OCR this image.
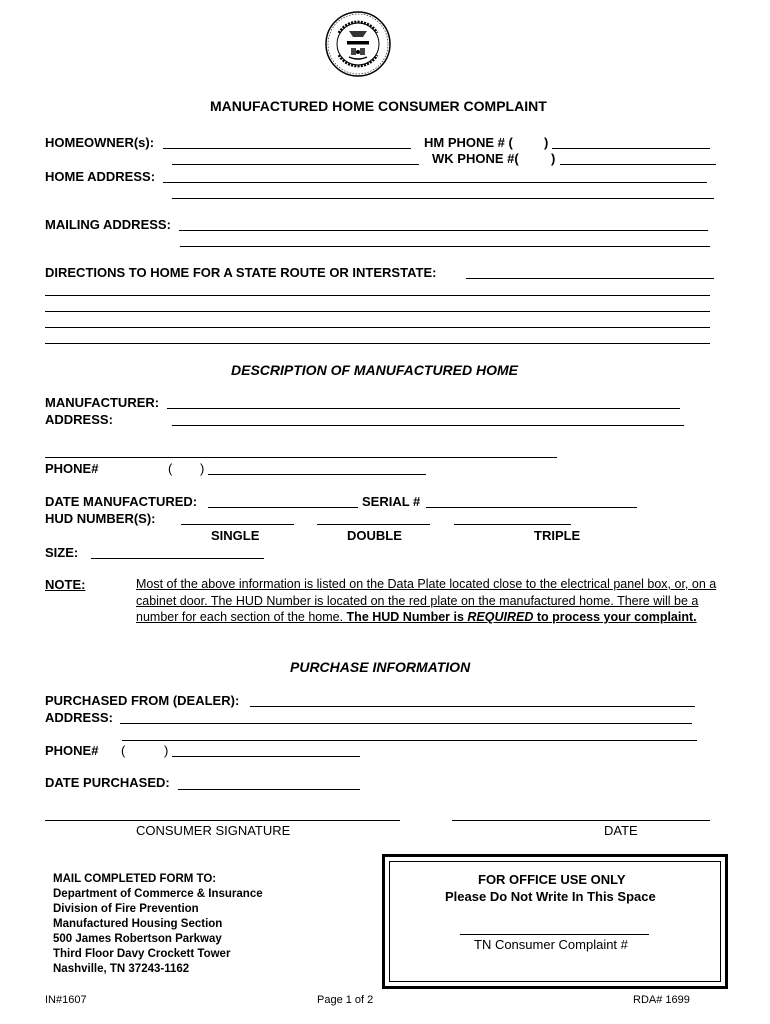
MANUFACTURED HOME CONSUMER COMPLAINT
HOMEOWNER(s):	HM PHONE # ( )
WK PHONE #( )
HOME ADDRESS:
MAILING ADDRESS:
DIRECTIONS TO HOME FOR A STATE ROUTE OR INTERSTATE:
DESCRIPTION OF MANUFACTURED HOME
MANUFACTURER:
ADDRESS:
PHONE#	( )
DATE MANUFACTURED:	SERIAL #
HUD NUMBER(S):
SINGLE	DOUBLE	TRIPLE
SIZE:
NOTE:	Most of the above information is listed on the Data Plate located close to the electrical panel box, or, on a cabinet door. The HUD Number is located on the red plate on the manufactured home. There will be a number for each section of the home. The HUD Number is REQUIRED to process your complaint.
PURCHASE INFORMATION
PURCHASED FROM (DEALER):
ADDRESS:
PHONE# (	)
DATE PURCHASED:
CONSUMER SIGNATURE	DATE
MAIL COMPLETED FORM TO:
Department of Commerce & Insurance
Division of Fire Prevention
Manufactured Housing Section
500 James Robertson Parkway
Third Floor Davy Crockett Tower
Nashville, TN 37243-1162
FOR OFFICE USE ONLY
Please Do Not Write In This Space
TN Consumer Complaint #
IN#1607	Page 1 of 2	RDA# 1699
